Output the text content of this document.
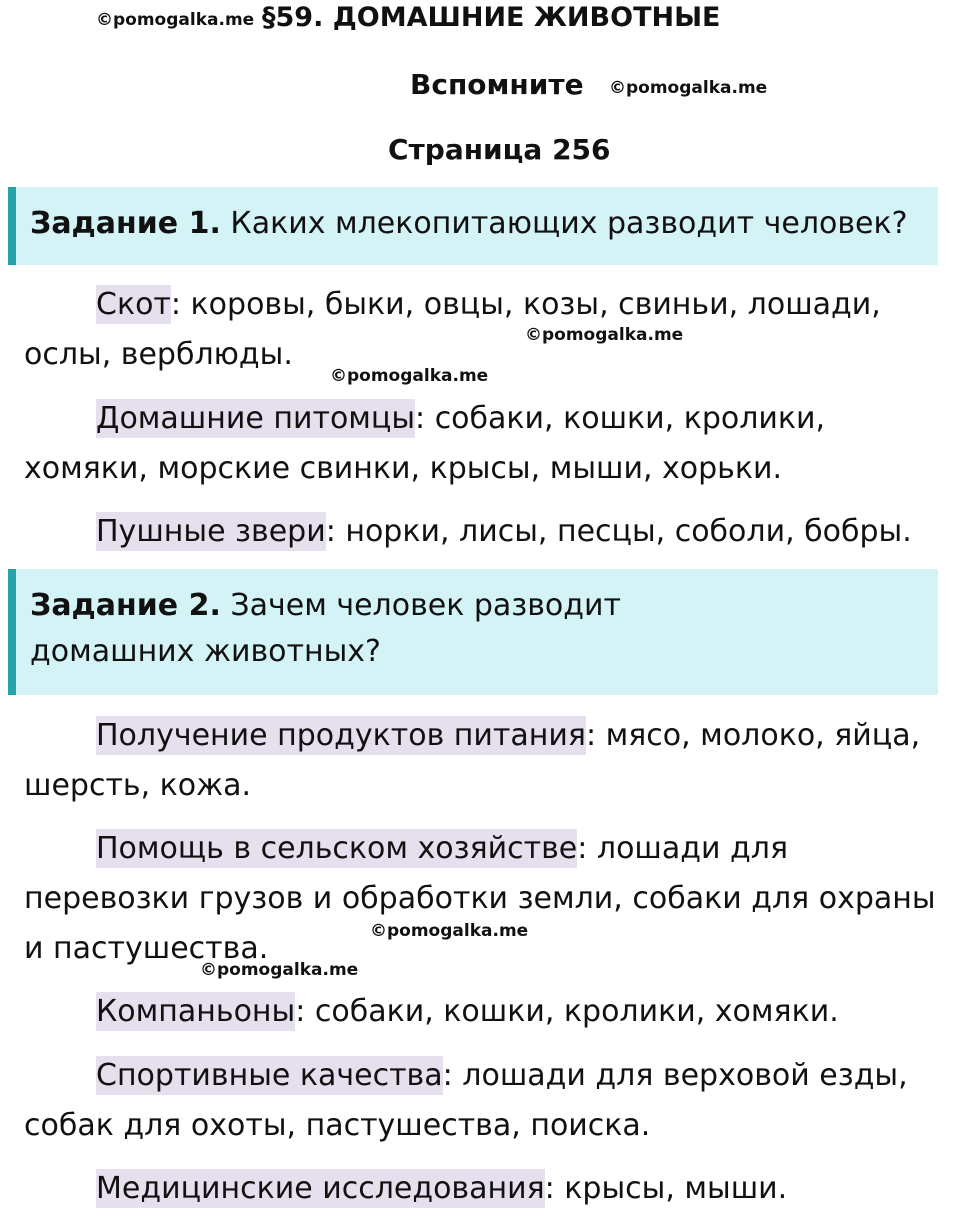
©pomogalka.me §59. ДОМАШНИЕ ЖИВОТНЫЕ
Вспомните ©pomogalka.me
Страница 256
Задание 1. Каких млекопитающих разводит человек?

Скот: коровы, быки, овцы, козы, свиньи, лошади, ослы, верблюды.

©pomogalka.me
©pomogalka.me

Домашние питомцы: собаки, кошки, кролики, хомяки, морские свинки, крысы, мыши, хорьки.

Пушные звери: норки, лисы, песцы, соболи, бобры.

Задание 2. Зачем человек разводит домашних животных?

Получение продуктов питания: мясо, молоко, яйца, шерсть, кожа.

Помощь в сельском хозяйстве: лошади для перевозки грузов и обработки земли, собаки для охраны и пастушества.	©pomogalka.me
©pomogalka.me

Компаньоны: собаки, кошки, кролики, хомяки.

Спортивные качества: лошади для верховой езды, собак для охоты, пастушества, поиска.

Медицинские исследования: крысы, мыши.
